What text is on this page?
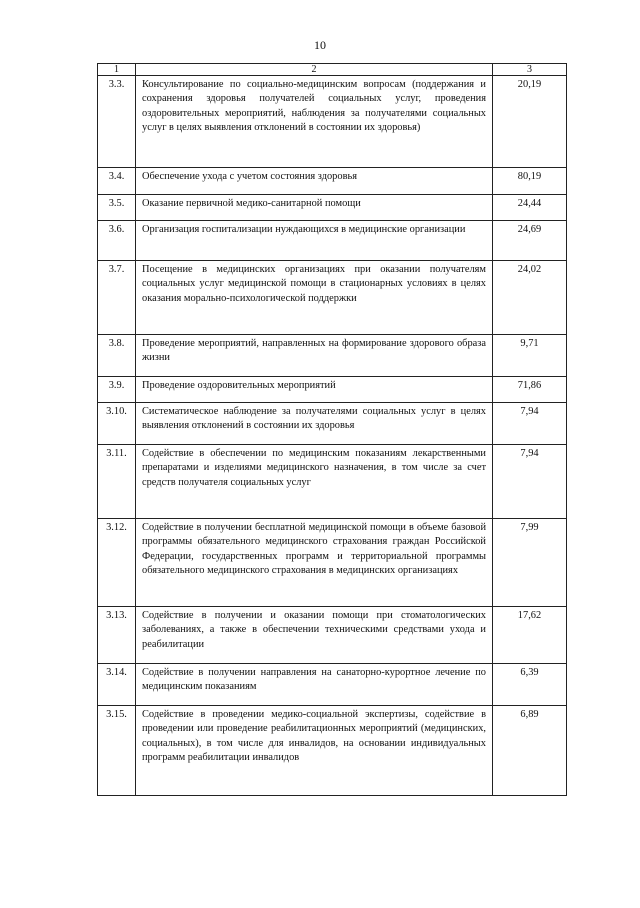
10
1	2	3
3.3.	Консультирование по социально-медицинским вопросам (поддержания и сохранения здоровья получателей социальных услуг, проведения оздоровительных мероприятий, наблюдения за получателями социальных услуг в целях выявления отклонений в состоянии их здоровья)	20,19
3.4.	Обеспечение ухода с учетом состояния здоровья	80,19
3.5.	Оказание первичной медико-санитарной помощи	24,44
3.6.	Организация госпитализации нуждающихся в медицинские организации	24,69
3.7.	Посещение в медицинских организациях при оказании получателям социальных услуг медицинской помощи в стационарных условиях в целях оказания морально-психологической поддержки	24,02
3.8.	Проведение мероприятий, направленных на формирование здорового образа жизни	9,71
3.9.	Проведение оздоровительных мероприятий	71,86
3.10.	Систематическое наблюдение за получателями социальных услуг в целях выявления отклонений в состоянии их здоровья	7,94
3.11.	Содействие в обеспечении по медицинским показаниям лекарственными препаратами и изделиями медицинского назначения, в том числе за счет средств получателя социальных услуг	7,94
3.12.	Содействие в получении бесплатной медицинской помощи в объеме базовой программы обязательного медицинского страхования граждан Российской Федерации, государственных программ и территориальной программы обязательного медицинского страхования в медицинских организациях	7,99
3.13.	Содействие в получении и оказании помощи при стоматологических заболеваниях, а также в обеспечении техническими средствами ухода и реабилитации	17,62
3.14.	Содействие в получении направления на санаторно-курортное лечение по медицинским показаниям	6,39
3.15.	Содействие в проведении медико-социальной экспертизы, содействие в проведении или проведение реабилитационных мероприятий (медицинских, социальных), в том числе для инвалидов, на основании индивидуальных программ реабилитации инвалидов	6,89
